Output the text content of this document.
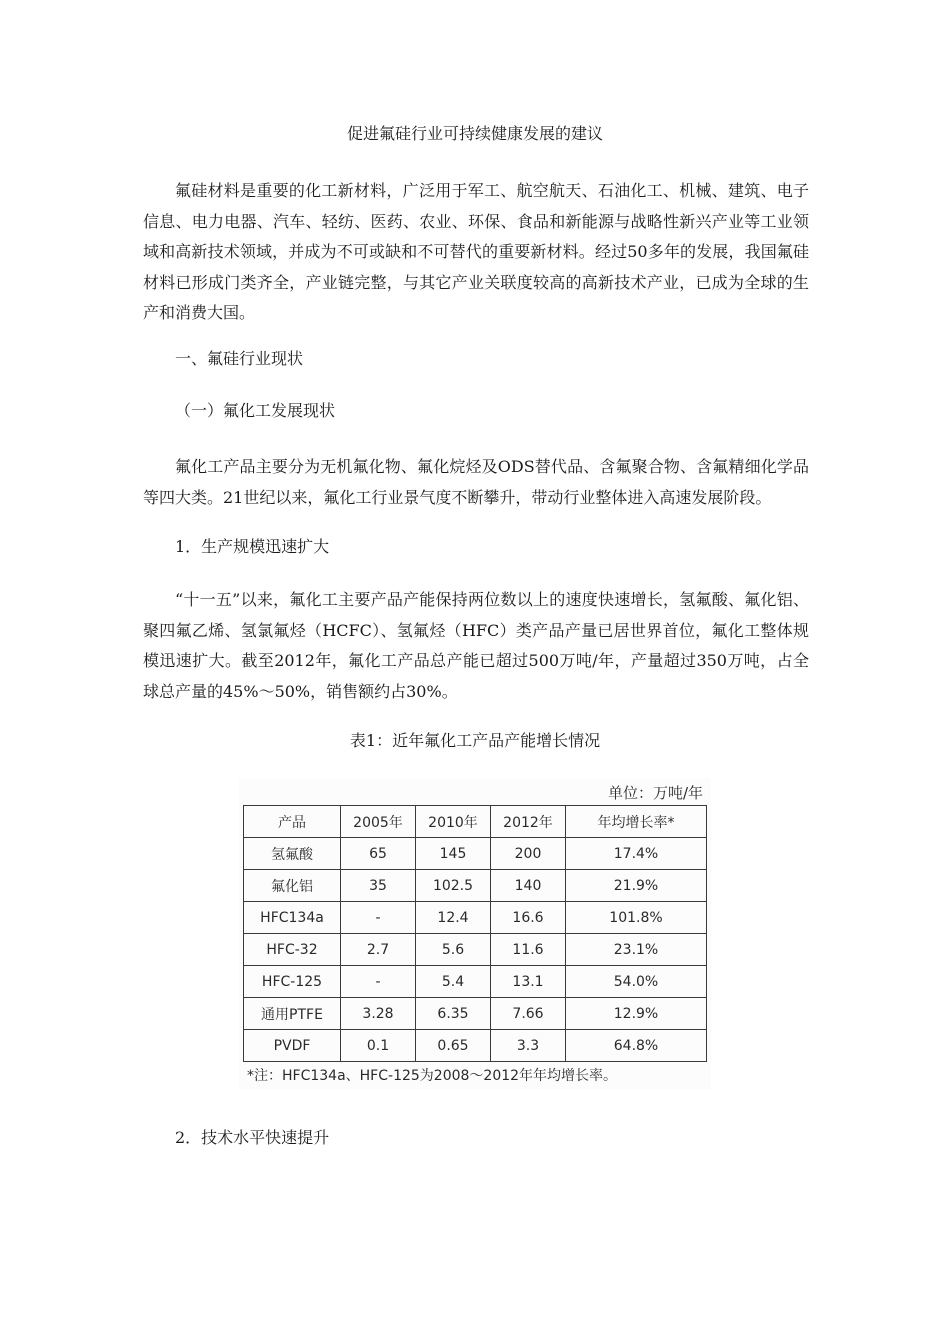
促进氟硅行业可持续健康发展的建议

氟硅材料是重要的化工新材料，广泛用于军工、航空航天、石油化工、机械、建筑、电子信息、电力电器、汽车、轻纺、医药、农业、环保、食品和新能源与战略性新兴产业等工业领域和高新技术领域，并成为不可或缺和不可替代的重要新材料。经过50多年的发展，我国氟硅材料已形成门类齐全，产业链完整，与其它产业关联度较高的高新技术产业，已成为全球的生产和消费大国。

一、氟硅行业现状

（一）氟化工发展现状

氟化工产品主要分为无机氟化物、氟化烷烃及ODS替代品、含氟聚合物、含氟精细化学品等四大类。21世纪以来，氟化工行业景气度不断攀升，带动行业整体进入高速发展阶段。

1．生产规模迅速扩大

“十一五”以来，氟化工主要产品产能保持两位数以上的速度快速增长，氢氟酸、氟化铝、聚四氟乙烯、氢氯氟烃（HCFC）、氢氟烃（HFC）类产品产量已居世界首位，氟化工整体规模迅速扩大。截至2012年，氟化工产品总产能已超过500万吨/年，产量超过350万吨，占全球总产量的45%～50%，销售额约占30%。

表1：近年氟化工产品产能增长情况
单位：万吨/年
产品	2005年	2010年	2012年	年均增长率*
氢氟酸	65	145	200	17.4%
氟化铝	35	102.5	140	21.9%
HFC134a	-	12.4	16.6	101.8%
HFC-32	2.7	5.6	11.6	23.1%
HFC-125	-	5.4	13.1	54.0%
通用PTFE	3.28	6.35	7.66	12.9%
PVDF	0.1	0.65	3.3	64.8%
*注：HFC134a、HFC-125为2008～2012年年均增长率。

2．技术水平快速提升
